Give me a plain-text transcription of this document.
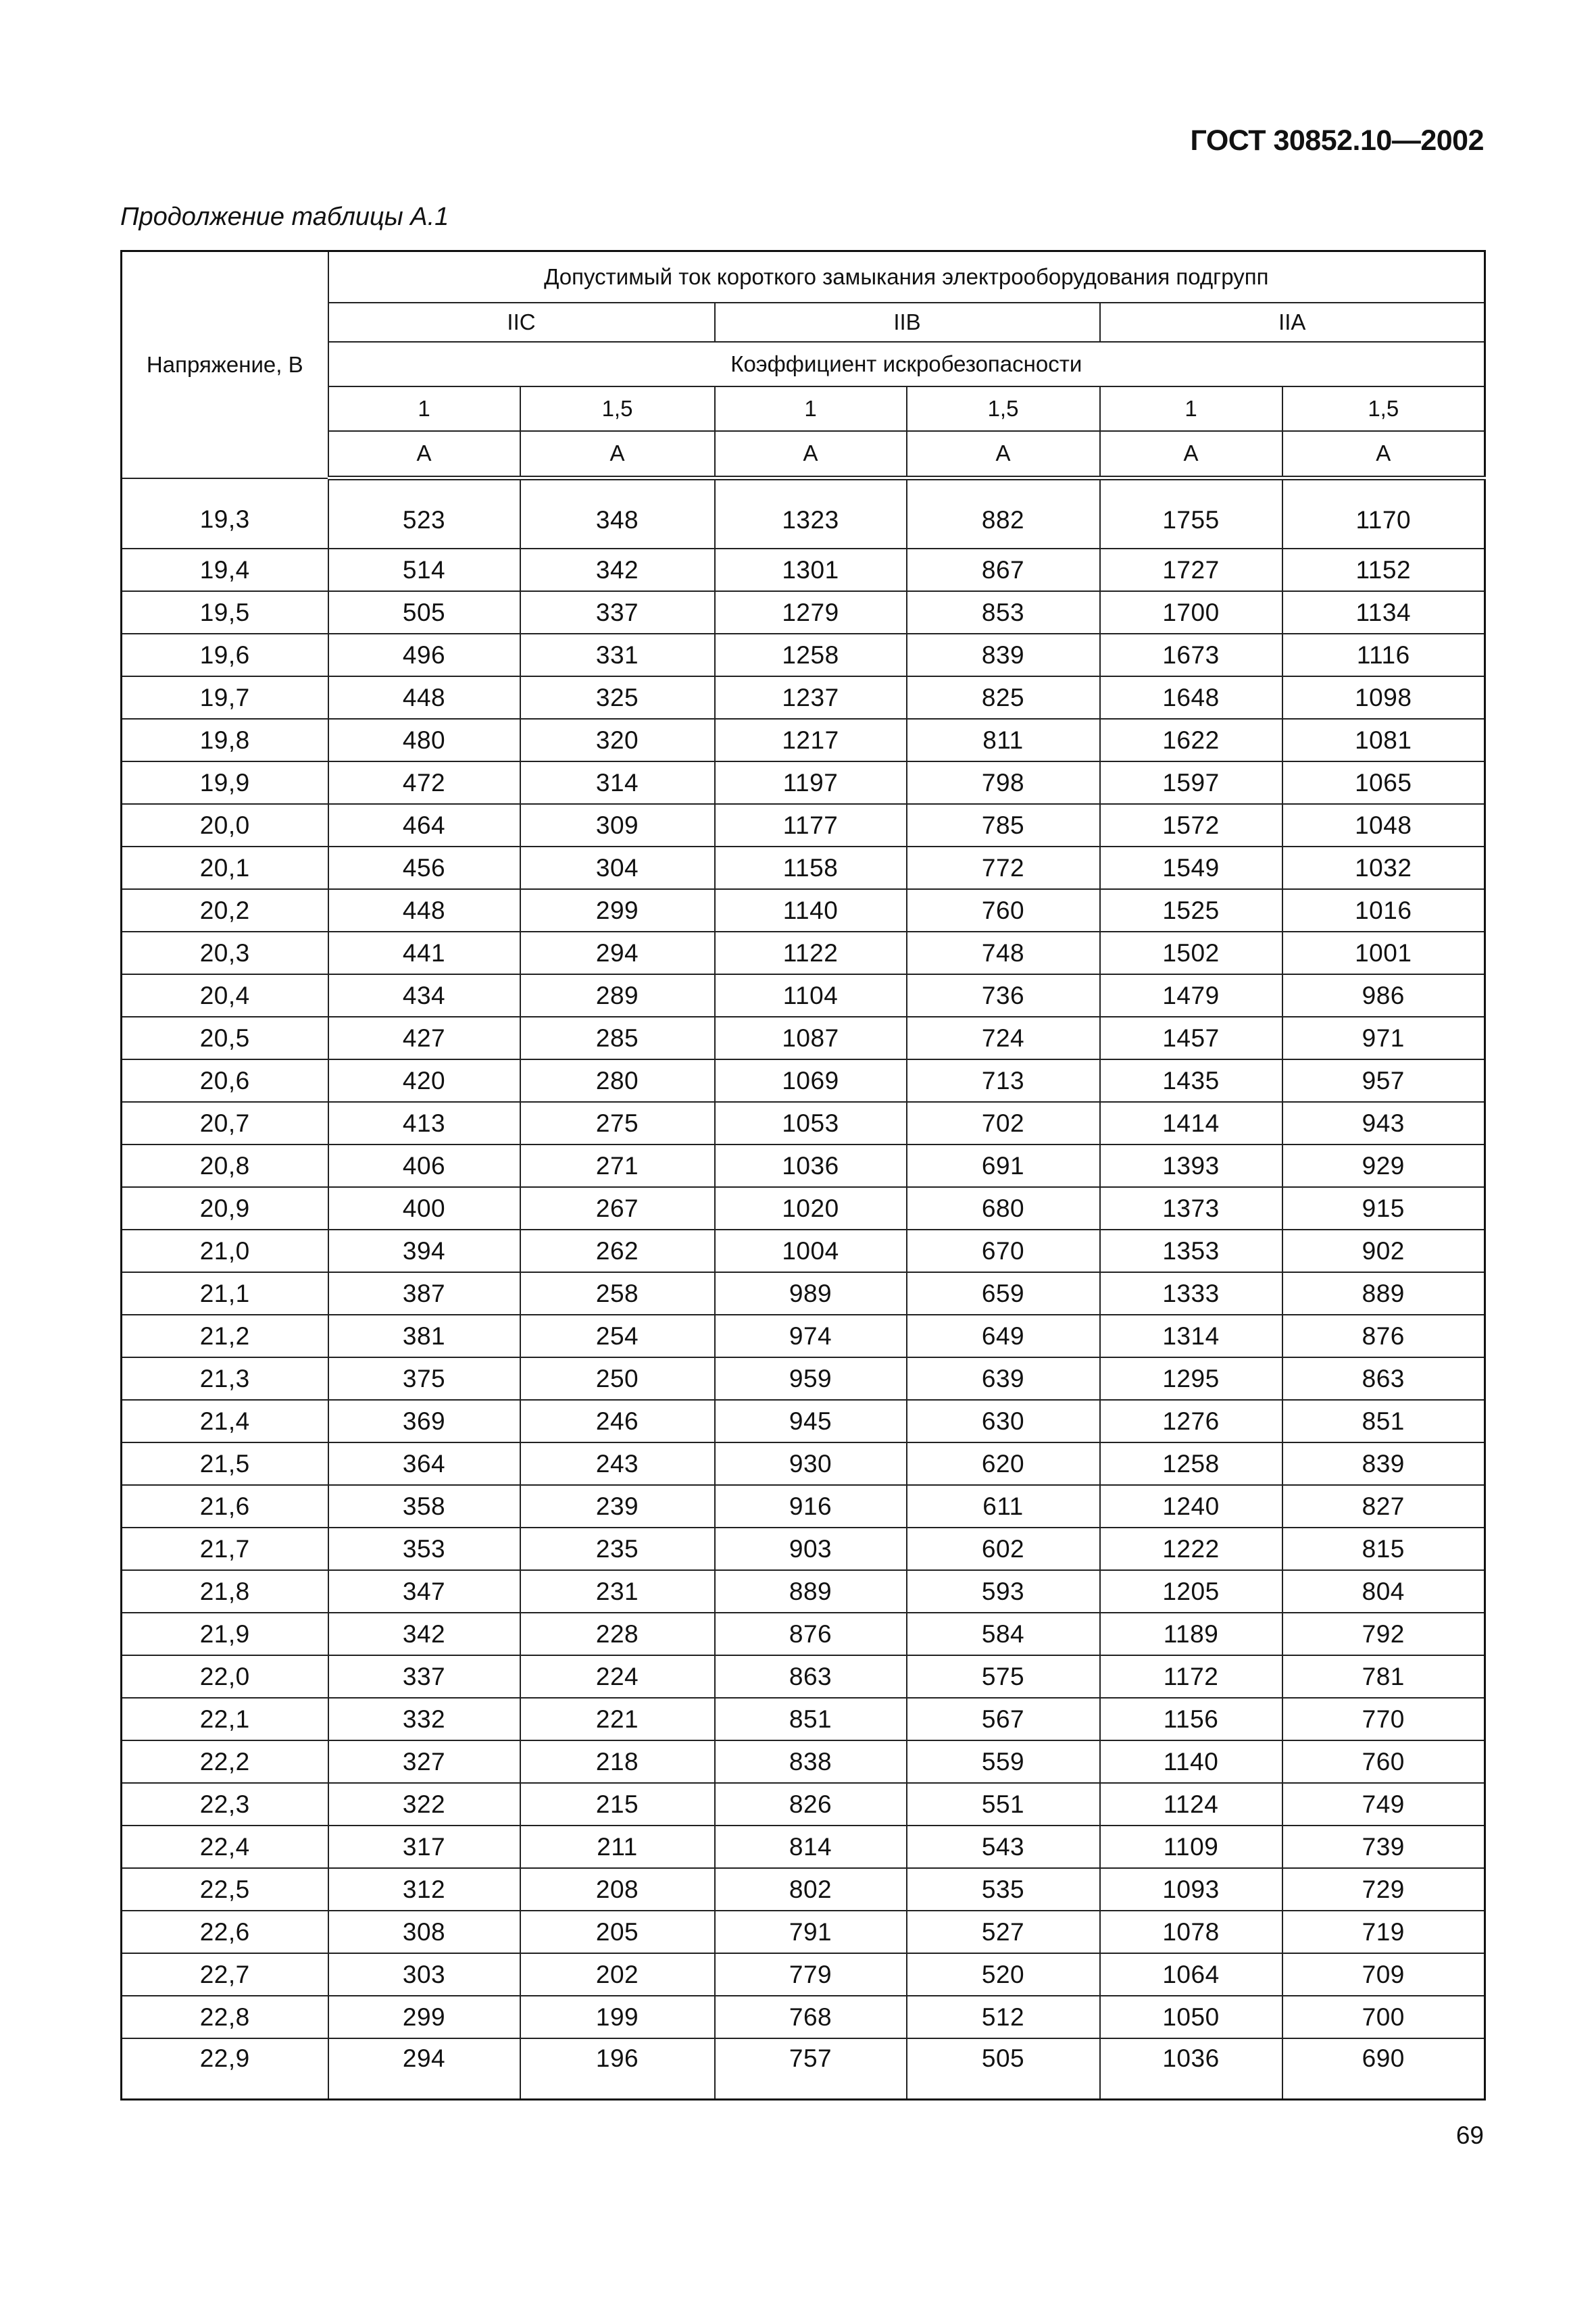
ГОСТ 30852.10—2002
Продолжение таблицы А.1
Напряжение, В	Допустимый ток короткого замыкания электрооборудования подгрупп					
	IIC		IIB		IIA	
	Коэффициент искробезопасности					
	1	1,5	1	1,5	1	1,5
	А	А	А	А	А	А
19,3	523	348	1323	882	1755	1170
19,4	514	342	1301	867	1727	1152
19,5	505	337	1279	853	1700	1134
19,6	496	331	1258	839	1673	1116
19,7	448	325	1237	825	1648	1098
19,8	480	320	1217	811	1622	1081
19,9	472	314	1197	798	1597	1065
20,0	464	309	1177	785	1572	1048
20,1	456	304	1158	772	1549	1032
20,2	448	299	1140	760	1525	1016
20,3	441	294	1122	748	1502	1001
20,4	434	289	1104	736	1479	986
20,5	427	285	1087	724	1457	971
20,6	420	280	1069	713	1435	957
20,7	413	275	1053	702	1414	943
20,8	406	271	1036	691	1393	929
20,9	400	267	1020	680	1373	915
21,0	394	262	1004	670	1353	902
21,1	387	258	989	659	1333	889
21,2	381	254	974	649	1314	876
21,3	375	250	959	639	1295	863
21,4	369	246	945	630	1276	851
21,5	364	243	930	620	1258	839
21,6	358	239	916	611	1240	827
21,7	353	235	903	602	1222	815
21,8	347	231	889	593	1205	804
21,9	342	228	876	584	1189	792
22,0	337	224	863	575	1172	781
22,1	332	221	851	567	1156	770
22,2	327	218	838	559	1140	760
22,3	322	215	826	551	1124	749
22,4	317	211	814	543	1109	739
22,5	312	208	802	535	1093	729
22,6	308	205	791	527	1078	719
22,7	303	202	779	520	1064	709
22,8	299	199	768	512	1050	700
22,9	294	196	757	505	1036	690
69
